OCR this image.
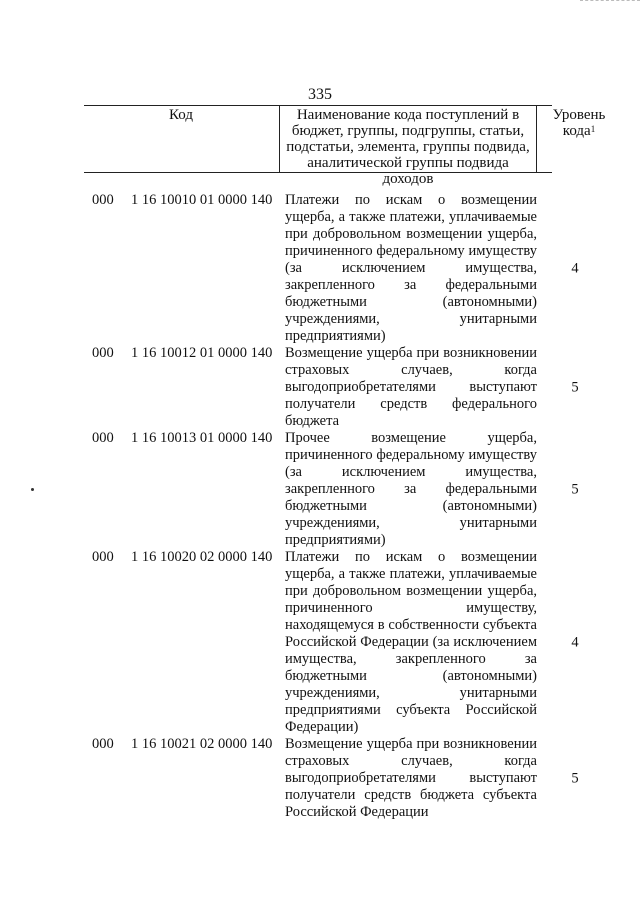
335
Код	Наименование кода поступлений в бюджет, группы, подгруппы, статьи, подстатьи, элемента, группы подвида, аналитической группы подвида доходов
Уровень кода$^1$
000 1 16 10010 01 0000 140 Платежи по искам о возмещении ущерба, а также платежи, уплачиваемые при добровольном возмещении ущерба, причиненного федеральному имуществу (за исключением имущества, закрепленного за федеральными бюджетными (автономными) учреждениями, унитарными предприятиями)
4
000 1 16 10012 01 0000 140 Возмещение ущерба при возникновении страховых случаев, когда выгодоприобретателями выступают получатели средств федерального бюджета
5
000 1 16 10013 01 0000 140 Прочее возмещение ущерба, причиненного федеральному имуществу (за исключением имущества, закрепленного за федеральными бюджетными (автономными) учреждениями, унитарными предприятиями)
5
000 1 16 10020 02 0000 140 Платежи по искам о возмещении ущерба, а также платежи, уплачиваемые при добровольном возмещении ущерба, причиненного имуществу, находящемуся в собственности субъекта Российской Федерации (за исключением имущества, закрепленного за бюджетными (автономными) учреждениями, унитарными предприятиями субъекта Российской Федерации)
4
000 1 16 10021 02 0000 140 Возмещение ущерба при возникновении страховых случаев, когда выгодоприобретателями выступают получатели средств бюджета субъекта Российской Федерации
5
